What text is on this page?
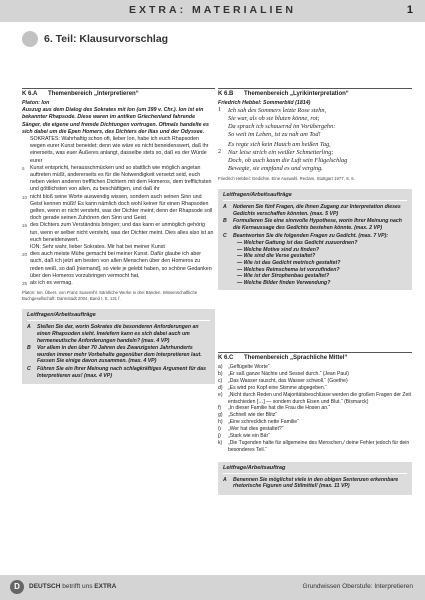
EXTRA: MATERIALIEN	1
6. Teil: Klausurvorschlag
K 6.A Themenbereich „Interpretieren“

Platon: Ion

Auszug aus dem Dialog des Sokrates mit Ion (um 399 v. Chr.). Ion ist ein bekannter Rhapsode. Diese waren im antiken Griechenland fahrende Sänger, die eigene und fremde Dichtungen vortrugen. Oftmals handelte es sich dabei um die Epen Homers, des Dichters der Ilias und der Odyssee.

SOKRATES: Wahrhaftig schon oft, lieber Ion, habe ich euch Rhapsoden wegen eurer Kunst beneidet; denn wie wäre es nicht beneidenswert, daß ihr einerseits, was euer Äußeres anlangt, dasselbe stets so, daß es der Würde eurer
5	Kunst entspricht, herausschmücken und so stattlich wie möglich angetan auftreten müßt, andererseits es für die Notwendigkeit versetzt seid, euch neben vielen anderen trefflichen Dichtern mit dem Homeros, dem trefflichsten und göttlichsten von allen, zu beschäftigen, und daß ihr
10 nicht bloß seine Worte auswendig wissen, sondern auch seinen Sinn und Geist kennen müßt! Es kann nämlich doch wohl keiner für einen Rhapsoden gelten, wenn er nicht versteht, was der Dichter meint; denn der Rhapsode soll doch gerade seinen Zuhörern den Sinn und Geist
15 des Dichters zum Verständnis bringen; und das kann er unmöglich gehörig tun, wenn er selber nicht versteht, was der Dichter meint. Dies alles also ist an euch beneidenswert.
ION: Sehr wahr, lieber Sokrates. Mir hat bei meiner Kunst
20 dies auch meiste Mühe gemacht bei meiner Kunst. Dafür glaube ich aber auch, daß ich jetzt am besten von allen Menschen über den Homeros zu reden weiß, so daß [niemand], so viele je gelebt haben, so schöne Gedanken über den Homeros vorzubringen vermocht hat,
25 als ich es vermag.
Platon: Ion. Übers. von Franz Susemihl. Sämtliche Werke in drei Bänden. Wissenschaftliche Buchgesellschaft: Darmstadt 2004, Band I, S. 131 f.
Leitfragen/Arbeitsaufträge
A	Stellen Sie dar, worin Sokrates die besonderen Anforderungen an einen Rhapsoden sieht. Inwiefern kann es sich dabei auch um hermeneutische Anforderungen handeln? (max. 4 VP)
B	Vor allem in den über 70 Jahren des Zwanzigsten Jahrhunderts wurden immer mehr Vorbehalte gegenüber dem Interpretieren laut. Fassen Sie einige davon zusammen. (max. 4 VP)
C	Führen Sie ein Ihrer Meinung nach schlagkräftiges Argument für das Interpretieren aus! (max. 4 VP)
K 6.B Themenbereich „Lyrikinterpretation“
Friedrich Hebbel: Sommerbild (1814)
1	Ich sah des Sommers letzte Rose stehn,
Sie war, als ob sie bluten könne, rot;
Da sprach ich schauernd im Vorübergehn:
So weit im Leben, ist zu nah am Tod!
Es regte sich kein Hauch am heißen Tag,
2	Nur leise strich ein weißer Schmetterling;
Doch, ob auch kaum die Luft sein Flügelschlag
Bewegte, sie empfand es und verging.
Friedrich Hebbel: Gedichte. Eine Auswahl. Reclam, Stuttgart 1977, S. 6.
Leitfragen/Arbeitsaufträge
A	Notieren Sie fünf Fragen, die Ihnen Zugang zur Interpretation dieses Gedichts verschaffen könnten. (max. 5 VP)
B	Formulieren Sie eine sinnvolle Hypothese, worin Ihrer Meinung nach die Kernaussage des Gedichts bestehen könnte. (max. 2 VP)
C	Beantworten Sie die folgenden Fragen zu Gedicht. (max. 7 VP):
— Welcher Gattung ist das Gedicht zuzuordnen?
— Welche Motive sind zu finden?
— Wie sind die Verse gestaltet?
— Wie ist das Gedicht metrisch gestaltet?
— Welches Reimschema ist vorzufinden?
— Wie ist der Strophenbau gestaltet?
— Welche Bilder finden Verwendung?
K 6.C Themenbereich „Sprachliche Mittel“
a)	„Geflügelte Worte“
b)	„Er saß ganze Nächte und Sessel durch.“ (Jean Paul)
c)	„Das Wasser rauscht, das Wasser schwoll.“ (Goethe)
d)	„Es wird pro Kopf eine Stimme abgegeben.“
e)	„Nicht durch Reden und Majoritätsbeschlüsse werden die großen Fragen der Zeit entschieden […] — sondern durch Eisen und Blut.“ (Bismarck)
f)	„In dieser Familie hat die Frau die Hosen an.“
g)	„Schnell wie der Blitz“
h)	„Eine schrecklich nette Familie“
i)	„Wer hat dies gestaltet?“
j)	„Stark wie ein Bär“
k)	„Die Tugenden halte für allgemeine des Menschen,/ deine Fehler jedoch für dein besonderes Teil.“
Leitfrage/Arbeitsauftrag
A	Benennen Sie möglichst viele in den obigen Sentenzen erkennbare rhetorische Figuren und Stilmittel! (max. 11 VP)
D	DEUTSCH betrifft uns EXTRA	Grundwissen Oberstufe: Interpretieren
